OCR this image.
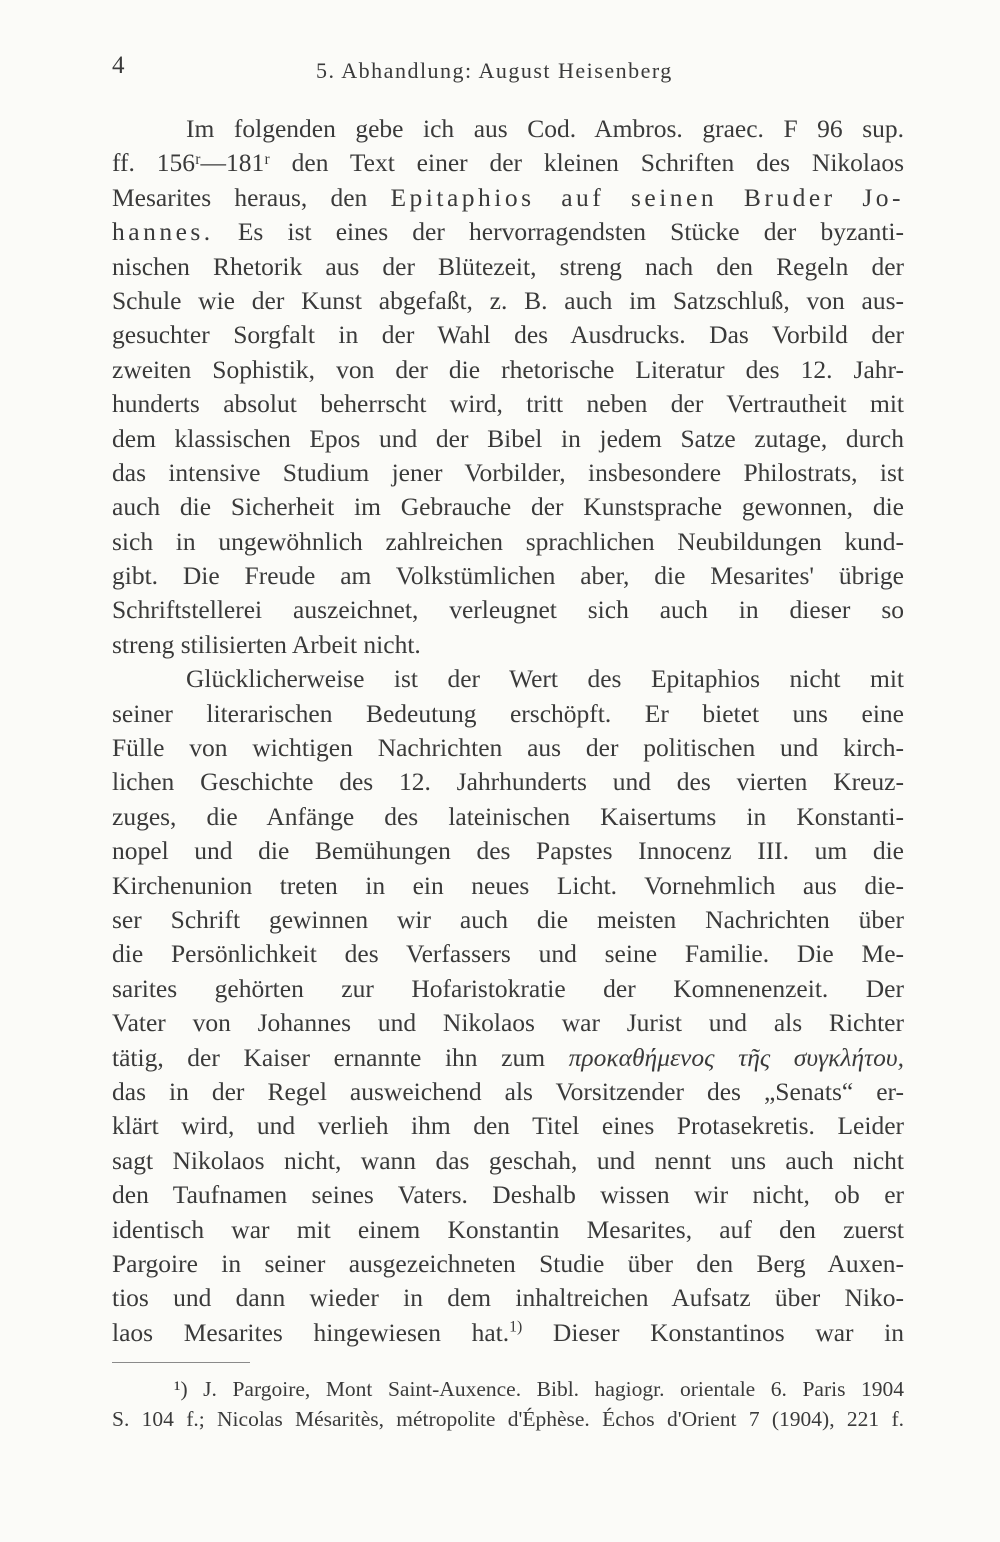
4	5. Abhandlung: August Heisenberg
Im folgenden gebe ich aus Cod. Ambros. graec. F 96 sup.
ff. 156ʳ—181ʳ den Text einer der kleinen Schriften des Nikolaos
Mesarites heraus, den Epitaphios auf seinen Bruder Jo-
hannes. Es ist eines der hervorragendsten Stücke der byzanti-
nischen Rhetorik aus der Blütezeit, streng nach den Regeln der
Schule wie der Kunst abgefaßt, z. B. auch im Satzschluß, von aus-
gesuchter Sorgfalt in der Wahl des Ausdrucks. Das Vorbild der
zweiten Sophistik, von der die rhetorische Literatur des 12. Jahr-
hunderts absolut beherrscht wird, tritt neben der Vertrautheit mit
dem klassischen Epos und der Bibel in jedem Satze zutage, durch
das intensive Studium jener Vorbilder, insbesondere Philostrats, ist
auch die Sicherheit im Gebrauche der Kunstsprache gewonnen, die
sich in ungewöhnlich zahlreichen sprachlichen Neubildungen kund-
gibt. Die Freude am Volkstümlichen aber, die Mesarites' übrige
Schriftstellerei auszeichnet, verleugnet sich auch in dieser so
streng stilisierten Arbeit nicht.
Glücklicherweise ist der Wert des Epitaphios nicht mit
seiner literarischen Bedeutung erschöpft. Er bietet uns eine
Fülle von wichtigen Nachrichten aus der politischen und kirch-
lichen Geschichte des 12. Jahrhunderts und des vierten Kreuz-
zuges, die Anfänge des lateinischen Kaisertums in Konstanti-
nopel und die Bemühungen des Papstes Innocenz III. um die
Kirchenunion treten in ein neues Licht. Vornehmlich aus die-
ser Schrift gewinnen wir auch die meisten Nachrichten über
die Persönlichkeit des Verfassers und seine Familie. Die Me-
sarites gehörten zur Hofaristokratie der Komnenenzeit. Der
Vater von Johannes und Nikolaos war Jurist und als Richter
tätig, der Kaiser ernannte ihn zum προκαθήμενος τῆς συγκλήτου,
das in der Regel ausweichend als Vorsitzender des „Senats“ er-
klärt wird, und verlieh ihm den Titel eines Protasekretis. Leider
sagt Nikolaos nicht, wann das geschah, und nennt uns auch nicht
den Taufnamen seines Vaters. Deshalb wissen wir nicht, ob er
identisch war mit einem Konstantin Mesarites, auf den zuerst
Pargoire in seiner ausgezeichneten Studie über den Berg Auxen-
tios und dann wieder in dem inhaltreichen Aufsatz über Niko-
laos Mesarites hingewiesen hat.$^{1)}$ Dieser Konstantinos war in
¹) J. Pargoire, Mont Saint-Auxence. Bibl. hagiogr. orientale 6. Paris 1904
S. 104 f.; Nicolas Mésaritès, métropolite d'Éphèse. Échos d'Orient 7 (1904), 221 f.
